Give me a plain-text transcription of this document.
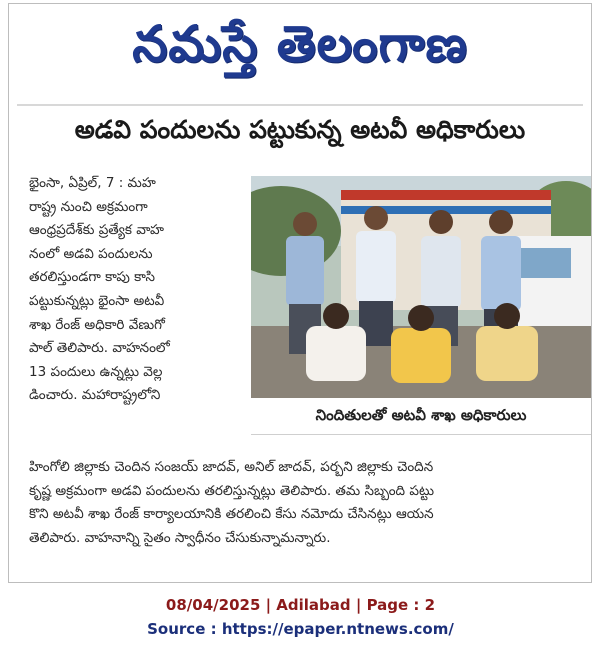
నమస్తే తెలంగాణ
అడవి పందులను పట్టుకున్న అటవీ అధికారులు

భైంసా, ఏప్రిల్, 7 : మహ

రాష్ట్ర నుంచి అక్రమంగా

ఆంధ్రప్రదేశ్‌కు ప్రత్యేక వాహ

నంలో అడవి పందులను

తరలిస్తుండగా కాపు కాసి

పట్టుకున్నట్లు భైంసా అటవీ

శాఖ రేంజ్ అధికారి వేణుగో

పాల్ తెలిపారు. వాహనంలో

13 పందులు ఉన్నట్లు వెల్ల

డించారు. మహారాష్ట్రలోని

నిందితులతో అటవీ శాఖ అధికారులు

హింగోలి జిల్లాకు చెందిన సంజయ్ జాదవ్, అనిల్ జాదవ్, పర్బని జిల్లాకు చెందిన

కృష్ణ అక్రమంగా అడవి పందులను తరలిస్తున్నట్లు తెలిపారు. తమ సిబ్బంది పట్టు

కొని అటవీ శాఖ రేంజ్ కార్యాలయానికి తరలించి కేసు నమోదు చేసినట్లు ఆయన

తెలిపారు. వాహనాన్ని సైతం స్వాధీనం చేసుకున్నామన్నారు.

08/04/2025 | Adilabad | Page : 2
Source : https://epaper.ntnews.com/
